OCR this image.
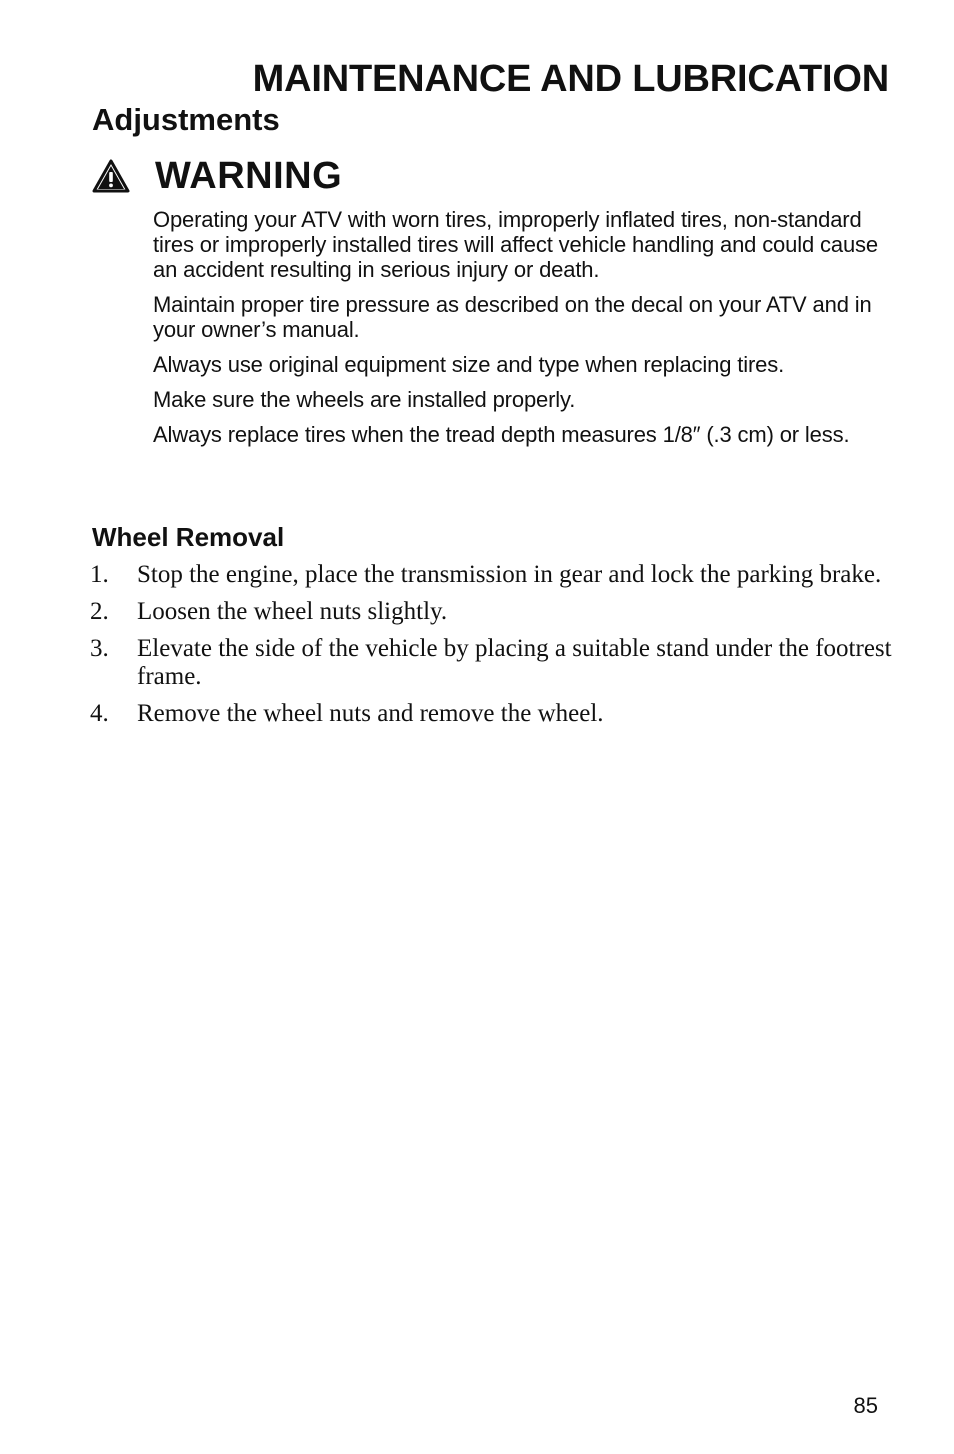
MAINTENANCE AND LUBRICATION
Adjustments
WARNING

Operating your ATV with worn tires, improperly inflated tires, non-standard tires or improperly installed tires will affect vehicle handling and could cause an accident resulting in serious injury or death.

Maintain proper tire pressure as described on the decal on your ATV and in your owner’s manual.

Always use original equipment size and type when replacing tires.

Make sure the wheels are installed properly.

Always replace tires when the tread depth measures 1/8″ (.3 cm) or less.

Wheel Removal
1.	Stop the engine, place the transmission in gear and lock the parking brake.
2.	Loosen the wheel nuts slightly.
3.	Elevate the side of the vehicle by placing a suitable stand under the footrest frame.
4.	Remove the wheel nuts and remove the wheel.
85
